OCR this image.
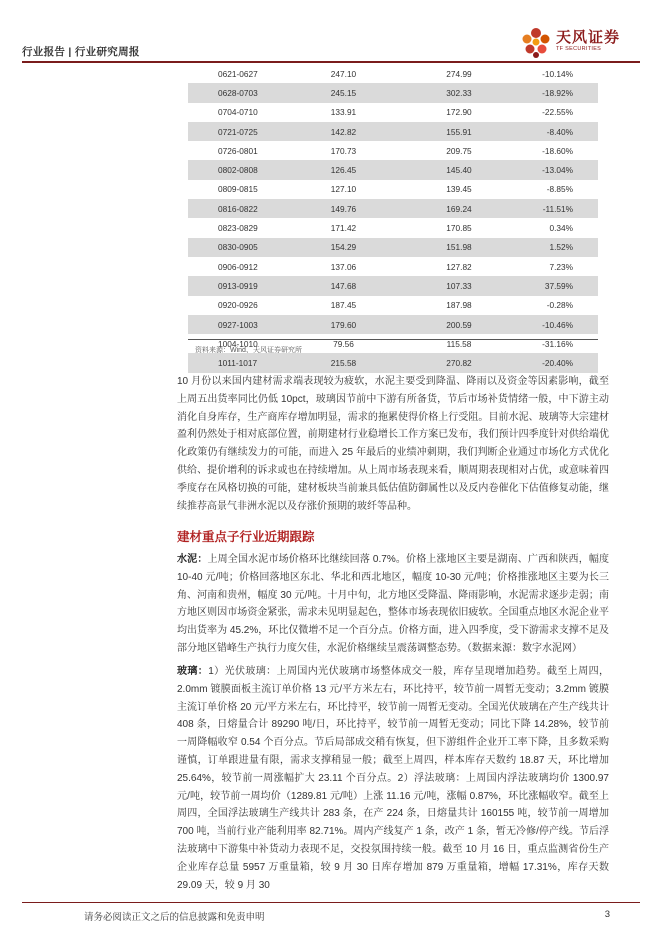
行业报告 | 行业研究周报
天风证券
TF SECURITIES
0621-0627	247.10	274.99	-10.14%
0628-0703	245.15	302.33	-18.92%
0704-0710	133.91	172.90	-22.55%
0721-0725	142.82	155.91	-8.40%
0726-0801	170.73	209.75	-18.60%
0802-0808	126.45	145.40	-13.04%
0809-0815	127.10	139.45	-8.85%
0816-0822	149.76	169.24	-11.51%
0823-0829	171.42	170.85	0.34%
0830-0905	154.29	151.98	1.52%
0906-0912	137.06	127.82	7.23%
0913-0919	147.68	107.33	37.59%
0920-0926	187.45	187.98	-0.28%
0927-1003	179.60	200.59	-10.46%
1004-1010	79.56	115.58	-31.16%
1011-1017	215.58	270.82	-20.40%
资料来源：Wind、天风证券研究所
10 月份以来国内建材需求端表现较为疲软，水泥主要受到降温、降雨以及资金等因素影响，截至上周五出货率同比仍低 10pct，玻璃因节前中下游有所备货，节后市场补货情绪一般，中下游主动消化自身库存，生产商库存增加明显，需求的拖累使得价格上行受阻。目前水泥、玻璃等大宗建材盈利仍然处于相对底部位置，前期建材行业稳增长工作方案已发布，我们预计四季度针对供给端优化政策仍有继续发力的可能，而进入 25 年最后的业绩冲刺期，我们判断企业通过市场化方式优化供给、提价增利的诉求或也在持续增加。从上周市场表现来看，顺周期表现相对占优，或意味着四季度存在风格切换的可能，建材板块当前兼具低估值防御属性以及反内卷催化下估值修复动能，继续推荐高景气非洲水泥以及存涨价预期的玻纤等品种。
建材重点子行业近期跟踪
水泥：上周全国水泥市场价格环比继续回落 0.7%。价格上涨地区主要是湖南、广西和陕西，幅度 10-40 元/吨；价格回落地区东北、华北和西北地区，幅度 10-30 元/吨；价格推涨地区主要为长三角、河南和贵州，幅度 30 元/吨。十月中旬，北方地区受降温、降雨影响，水泥需求逐步走弱；南方地区则因市场资金紧张，需求未见明显起色，整体市场表现依旧疲软。全国重点地区水泥企业平均出货率为 45.2%，环比仅微增不足一个百分点。价格方面，进入四季度，受下游需求支撑不足及部分地区错峰生产执行力度欠佳，水泥价格继续呈震荡调整态势。（数据来源：数字水泥网）
玻璃：1）光伏玻璃：上周国内光伏玻璃市场整体成交一般，库存呈现增加趋势。截至上周四，2.0mm 镀膜面板主流订单价格 13 元/平方米左右，环比持平，较节前一周暂无变动；3.2mm 镀膜主流订单价格 20 元/平方米左右，环比持平，较节前一周暂无变动。全国光伏玻璃在产生产线共计 408 条，日熔量合计 89290 吨/日，环比持平，较节前一周暂无变动；同比下降 14.28%，较节前一周降幅收窄 0.54 个百分点。节后局部成交稍有恢复，但下游组件企业开工率下降，且多数采购谨慎，订单跟进量有限，需求支撑稍显一般；截至上周四，样本库存天数约 18.87 天，环比增加 25.64%，较节前一周涨幅扩大 23.11 个百分点。2）浮法玻璃：上周国内浮法玻璃均价 1300.97 元/吨，较节前一周均价（1289.81 元/吨）上涨 11.16 元/吨，涨幅 0.87%，环比涨幅收窄。截至上周四，全国浮法玻璃生产线共计 283 条，在产 224 条，日熔量共计 160155 吨，较节前一周增加 700 吨，当前行业产能利用率 82.71%。周内产线复产 1 条，改产 1 条，暂无冷修/停产线。节后浮法玻璃中下游集中补货动力表现不足，交投氛围持续一般。截至 10 月 16 日，重点监测省份生产企业库存总量 5957 万重量箱，较 9 月 30 日库存增加 879 万重量箱，增幅 17.31%，库存天数 29.09 天，较 9 月 30
请务必阅读正文之后的信息披露和免责申明	3
